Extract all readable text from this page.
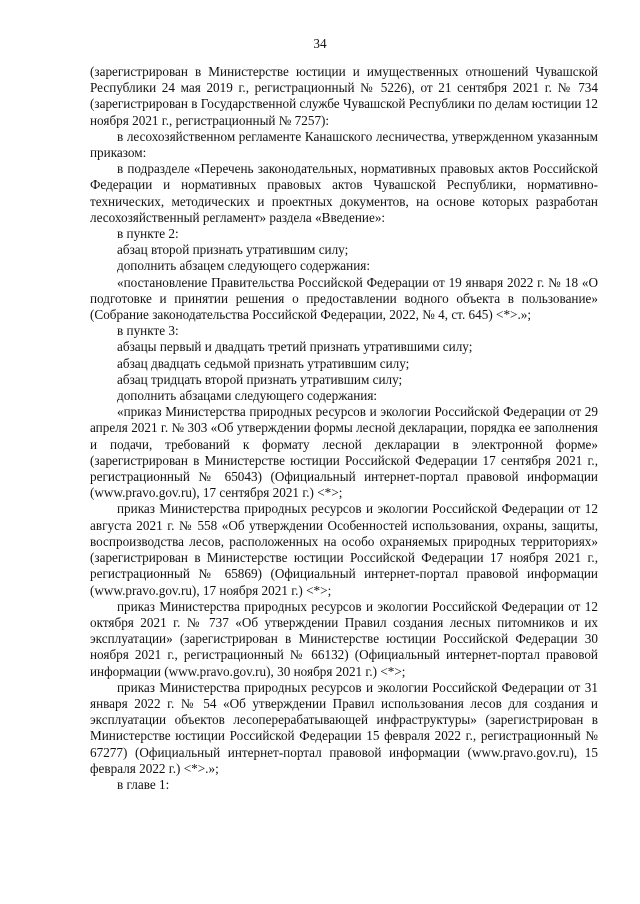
34

(зарегистрирован в Министерстве юстиции и имущественных отношений Чувашской Республики 24 мая 2019 г., регистрационный № 5226), от 21 сентября 2021 г. № 734 (зарегистрирован в Государственной службе Чувашской Республики по делам юстиции 12 ноября 2021 г., регистрационный № 7257):

в лесохозяйственном регламенте Канашского лесничества, утвержденном указанным приказом:

в подразделе «Перечень законодательных, нормативных правовых актов Российской Федерации и нормативных правовых актов Чувашской Республики, нормативно-технических, методических и проектных документов, на основе которых разработан лесохозяйственный регламент» раздела «Введение»:

в пункте 2:

абзац второй признать утратившим силу;

дополнить абзацем следующего содержания:

«постановление Правительства Российской Федерации от 19 января 2022 г. № 18 «О подготовке и принятии решения о предоставлении водного объекта в пользование» (Собрание законодательства Российской Федерации, 2022, № 4, ст. 645) <*>.»;

в пункте 3:

абзацы первый и двадцать третий признать утратившими силу;

абзац двадцать седьмой признать утратившим силу;

абзац тридцать второй признать утратившим силу;

дополнить абзацами следующего содержания:

«приказ Министерства природных ресурсов и экологии Российской Федерации от 29 апреля 2021 г. № 303 «Об утверждении формы лесной декларации, порядка ее заполнения и подачи, требований к формату лесной декларации в электронной форме» (зарегистрирован в Министерстве юстиции Российской Федерации 17 сентября 2021 г., регистрационный № 65043) (Официальный интернет-портал правовой информации (www.pravo.gov.ru), 17 сентября 2021 г.) <*>;

приказ Министерства природных ресурсов и экологии Российской Федерации от 12 августа 2021 г. № 558 «Об утверждении Особенностей использования, охраны, защиты, воспроизводства лесов, расположенных на особо охраняемых природных территориях» (зарегистрирован в Министерстве юстиции Российской Федерации 17 ноября 2021 г., регистрационный № 65869) (Официальный интернет-портал правовой информации (www.pravo.gov.ru), 17 ноября 2021 г.) <*>;

приказ Министерства природных ресурсов и экологии Российской Федерации от 12 октября 2021 г. № 737 «Об утверждении Правил создания лесных питомников и их эксплуатации» (зарегистрирован в Министерстве юстиции Российской Федерации 30 ноября 2021 г., регистрационный № 66132) (Официальный интернет-портал правовой информации (www.pravo.gov.ru), 30 ноября 2021 г.) <*>;

приказ Министерства природных ресурсов и экологии Российской Федерации от 31 января 2022 г. № 54 «Об утверждении Правил использования лесов для создания и эксплуатации объектов лесоперерабатывающей инфраструктуры» (зарегистрирован в Министерстве юстиции Российской Федерации 15 февраля 2022 г., регистрационный № 67277) (Официальный интернет-портал правовой информации (www.pravo.gov.ru), 15 февраля 2022 г.) <*>.»;

в главе 1:
